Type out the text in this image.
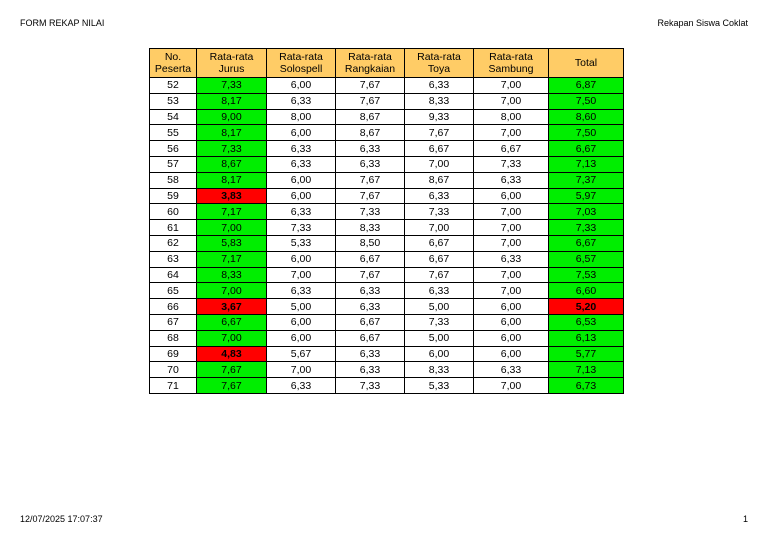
FORM REKAP NILAI	Rekapan Siswa Coklat
No. Peserta	Rata-rata Jurus	Rata-rata Solospell	Rata-rata Rangkaian	Rata-rata Toya	Rata-rata Sambung	Total
52	7,33	6,00	7,67	6,33	7,00	6,87
53	8,17	6,33	7,67	8,33	7,00	7,50
54	9,00	8,00	8,67	9,33	8,00	8,60
55	8,17	6,00	8,67	7,67	7,00	7,50
56	7,33	6,33	6,33	6,67	6,67	6,67
57	8,67	6,33	6,33	7,00	7,33	7,13
58	8,17	6,00	7,67	8,67	6,33	7,37
59	3,83	6,00	7,67	6,33	6,00	5,97
60	7,17	6,33	7,33	7,33	7,00	7,03
61	7,00	7,33	8,33	7,00	7,00	7,33
62	5,83	5,33	8,50	6,67	7,00	6,67
63	7,17	6,00	6,67	6,67	6,33	6,57
64	8,33	7,00	7,67	7,67	7,00	7,53
65	7,00	6,33	6,33	6,33	7,00	6,60
66	3,67	5,00	6,33	5,00	6,00	5,20
67	6,67	6,00	6,67	7,33	6,00	6,53
68	7,00	6,00	6,67	5,00	6,00	6,13
69	4,83	5,67	6,33	6,00	6,00	5,77
70	7,67	7,00	6,33	8,33	6,33	7,13
71	7,67	6,33	7,33	5,33	7,00	6,73
12/07/2025 17:07:37	1
